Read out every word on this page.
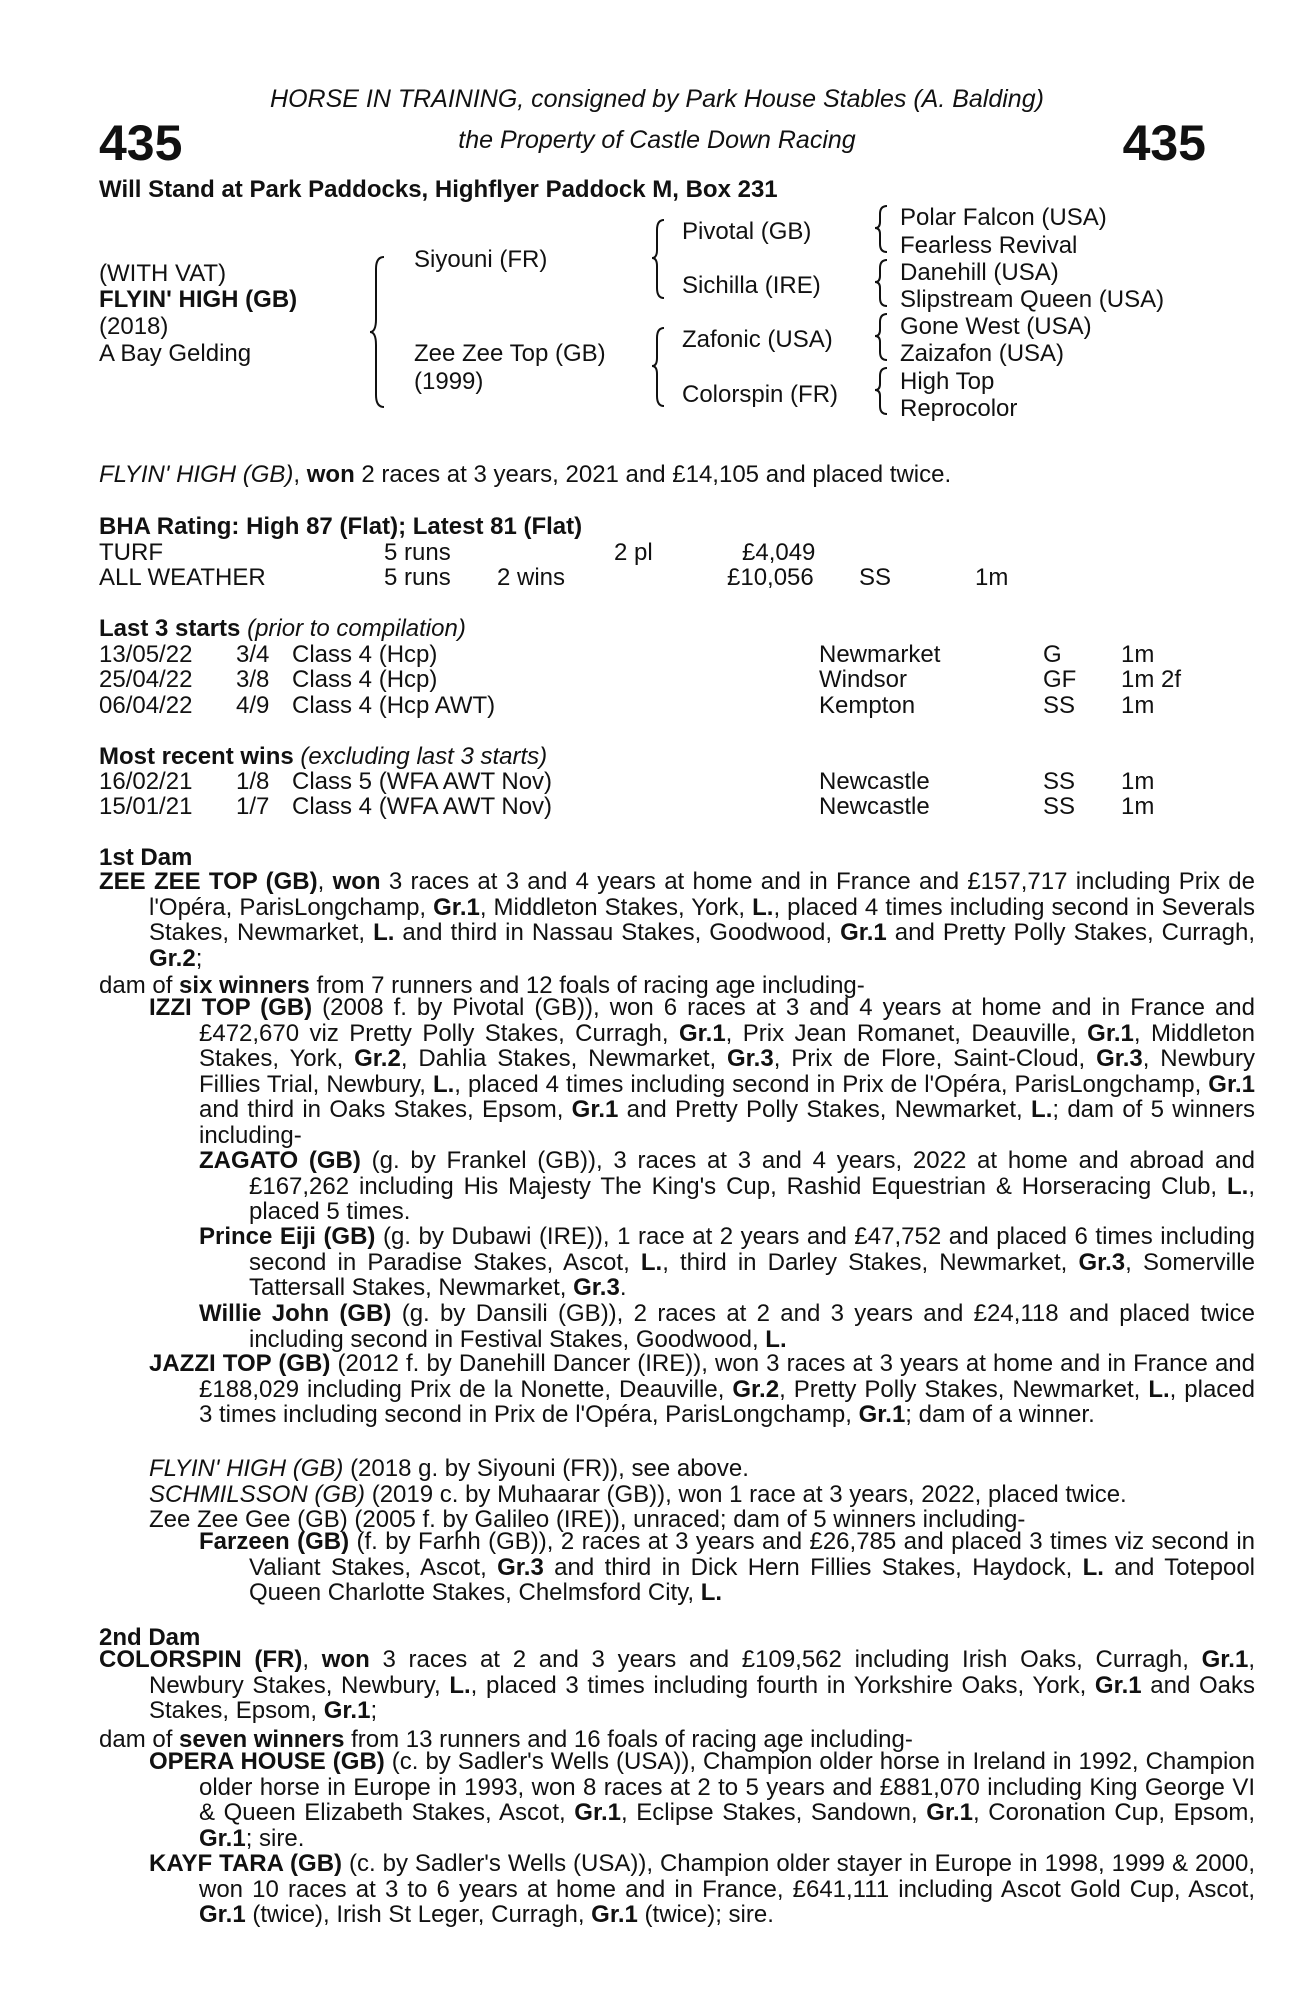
435	435
HORSE IN TRAINING, consigned by Park House Stables (A. Balding)
the Property of Castle Down Racing
Will Stand at Park Paddocks, Highflyer Paddock M, Box 231
(WITH VAT)
FLYIN' HIGH (GB)
(2018)
A Bay Gelding
Siyouni (FR)
Zee Zee Top (GB)
(1999)
Pivotal (GB)
Sichilla (IRE)
Zafonic (USA)
Colorspin (FR)
Polar Falcon (USA)
Fearless Revival
Danehill (USA)
Slipstream Queen (USA)
Gone West (USA)
Zaizafon (USA)
High Top
Reprocolor
FLYIN' HIGH (GB), won 2 races at 3 years, 2021 and £14,105 and placed twice.
BHA Rating: High 87 (Flat); Latest 81 (Flat)
TURF	5 runs	2 pl	£4,049
ALL WEATHER	5 runs 2 wins	£10,056 SS	1m
Last 3 starts (prior to compilation)
13/05/22 3/4 Class 4 (Hcp)	Newmarket	G 1m
25/04/22 3/8 Class 4 (Hcp)	Windsor	GF 1m 2f
06/04/22 4/9 Class 4 (Hcp AWT)	Kempton	SS 1m
Most recent wins (excluding last 3 starts)
16/02/21 1/8 Class 5 (WFA AWT Nov)	Newcastle	SS 1m
15/01/21 1/7 Class 4 (WFA AWT Nov)	Newcastle	SS 1m
1st Dam
ZEE ZEE TOP (GB), won 3 races at 3 and 4 years at home and in France and £157,717 including Prix de l'Opéra, ParisLongchamp, Gr.1, Middleton Stakes, York, L., placed 4 times including second in Severals Stakes, Newmarket, L. and third in Nassau Stakes, Goodwood, Gr.1 and Pretty Polly Stakes, Curragh, Gr.2;
dam of six winners from 7 runners and 12 foals of racing age including-
IZZI TOP (GB) (2008 f. by Pivotal (GB)), won 6 races at 3 and 4 years at home and in France and £472,670 viz Pretty Polly Stakes, Curragh, Gr.1, Prix Jean Romanet, Deauville, Gr.1, Middleton Stakes, York, Gr.2, Dahlia Stakes, Newmarket, Gr.3, Prix de Flore, Saint-Cloud, Gr.3, Newbury Fillies Trial, Newbury, L., placed 4 times including second in Prix de l'Opéra, ParisLongchamp, Gr.1 and third in Oaks Stakes, Epsom, Gr.1 and Pretty Polly Stakes, Newmarket, L.; dam of 5 winners including-
ZAGATO (GB) (g. by Frankel (GB)), 3 races at 3 and 4 years, 2022 at home and abroad and £167,262 including His Majesty The King's Cup, Rashid Equestrian & Horseracing Club, L., placed 5 times.
Prince Eiji (GB) (g. by Dubawi (IRE)), 1 race at 2 years and £47,752 and placed 6 times including second in Paradise Stakes, Ascot, L., third in Darley Stakes, Newmarket, Gr.3, Somerville Tattersall Stakes, Newmarket, Gr.3.
Willie John (GB) (g. by Dansili (GB)), 2 races at 2 and 3 years and £24,118 and placed twice including second in Festival Stakes, Goodwood, L.
JAZZI TOP (GB) (2012 f. by Danehill Dancer (IRE)), won 3 races at 3 years at home and in France and £188,029 including Prix de la Nonette, Deauville, Gr.2, Pretty Polly Stakes, Newmarket, L., placed 3 times including second in Prix de l'Opéra, ParisLongchamp, Gr.1; dam of a winner.
FLYIN' HIGH (GB) (2018 g. by Siyouni (FR)), see above.
SCHMILSSON (GB) (2019 c. by Muhaarar (GB)), won 1 race at 3 years, 2022, placed twice.
Zee Zee Gee (GB) (2005 f. by Galileo (IRE)), unraced; dam of 5 winners including-
Farzeen (GB) (f. by Farhh (GB)), 2 races at 3 years and £26,785 and placed 3 times viz second in Valiant Stakes, Ascot, Gr.3 and third in Dick Hern Fillies Stakes, Haydock, L. and Totepool Queen Charlotte Stakes, Chelmsford City, L.
2nd Dam
COLORSPIN (FR), won 3 races at 2 and 3 years and £109,562 including Irish Oaks, Curragh, Gr.1, Newbury Stakes, Newbury, L., placed 3 times including fourth in Yorkshire Oaks, York, Gr.1 and Oaks Stakes, Epsom, Gr.1;
dam of seven winners from 13 runners and 16 foals of racing age including-
OPERA HOUSE (GB) (c. by Sadler's Wells (USA)), Champion older horse in Ireland in 1992, Champion older horse in Europe in 1993, won 8 races at 2 to 5 years and £881,070 including King George VI & Queen Elizabeth Stakes, Ascot, Gr.1, Eclipse Stakes, Sandown, Gr.1, Coronation Cup, Epsom, Gr.1; sire.
KAYF TARA (GB) (c. by Sadler's Wells (USA)), Champion older stayer in Europe in 1998, 1999 & 2000, won 10 races at 3 to 6 years at home and in France, £641,111 including Ascot Gold Cup, Ascot, Gr.1 (twice), Irish St Leger, Curragh, Gr.1 (twice); sire.
